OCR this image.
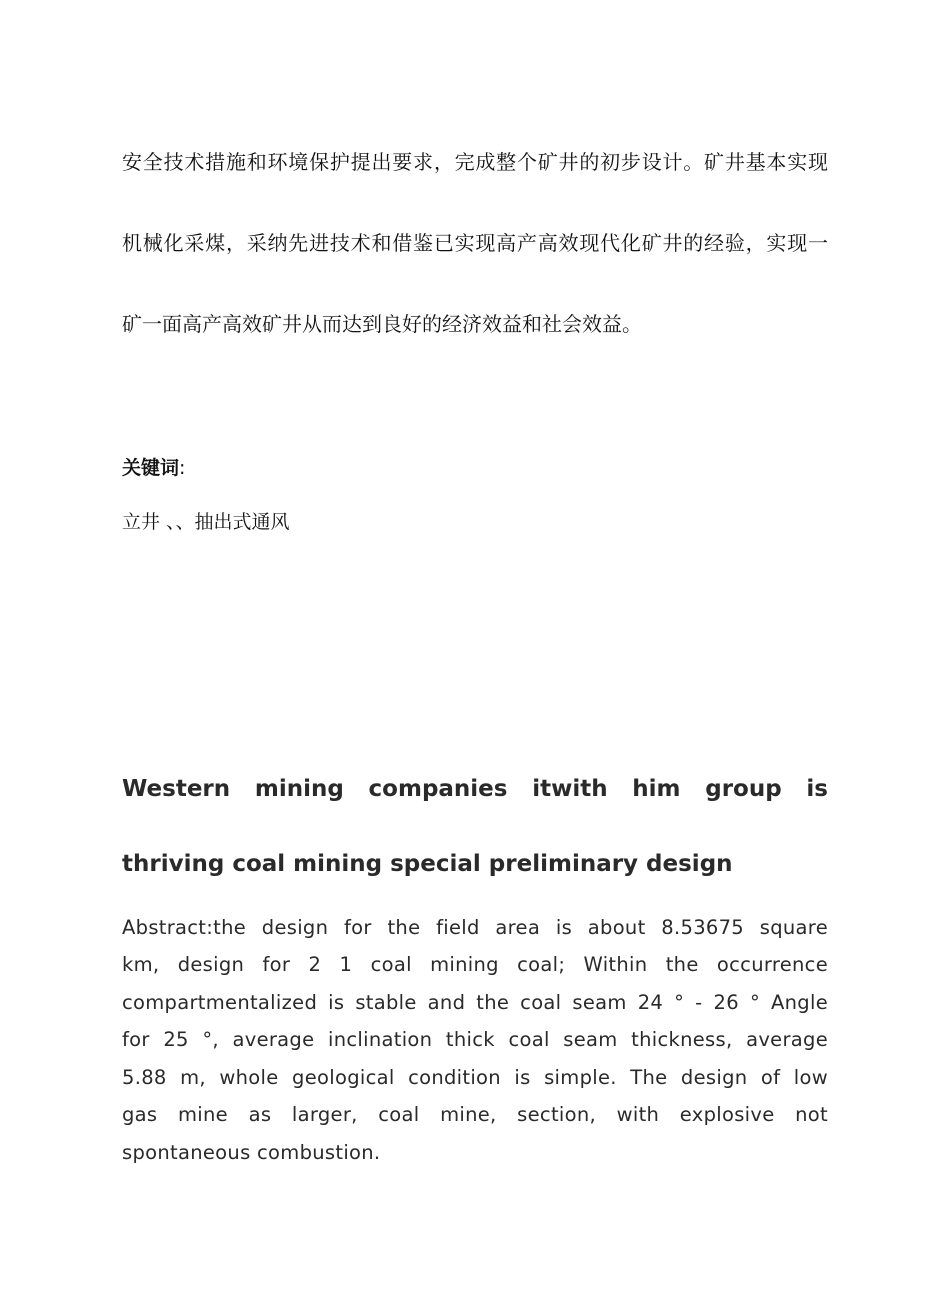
安全技术措施和环境保护提出要求，完成整个矿井的初步设计。矿井基本实现
机械化采煤，采纳先进技术和借鉴已实现高产高效现代化矿井的经验，实现一
矿一面高产高效矿井从而达到良好的经济效益和社会效益。
关键词:
立井 、、抽出式通风
Western mining companies itwith him group is
thriving coal mining special preliminary design
Abstract:the design for the field area is about 8.53675 square
km, design for 2 1 coal mining coal; Within the occurrence
compartmentalized is stable and the coal seam 24 ° - 26 ° Angle
for 25 °, average inclination thick coal seam thickness, average
5.88 m, whole geological condition is simple. The design of low
gas mine as larger, coal mine, section, with explosive not
spontaneous combustion.
